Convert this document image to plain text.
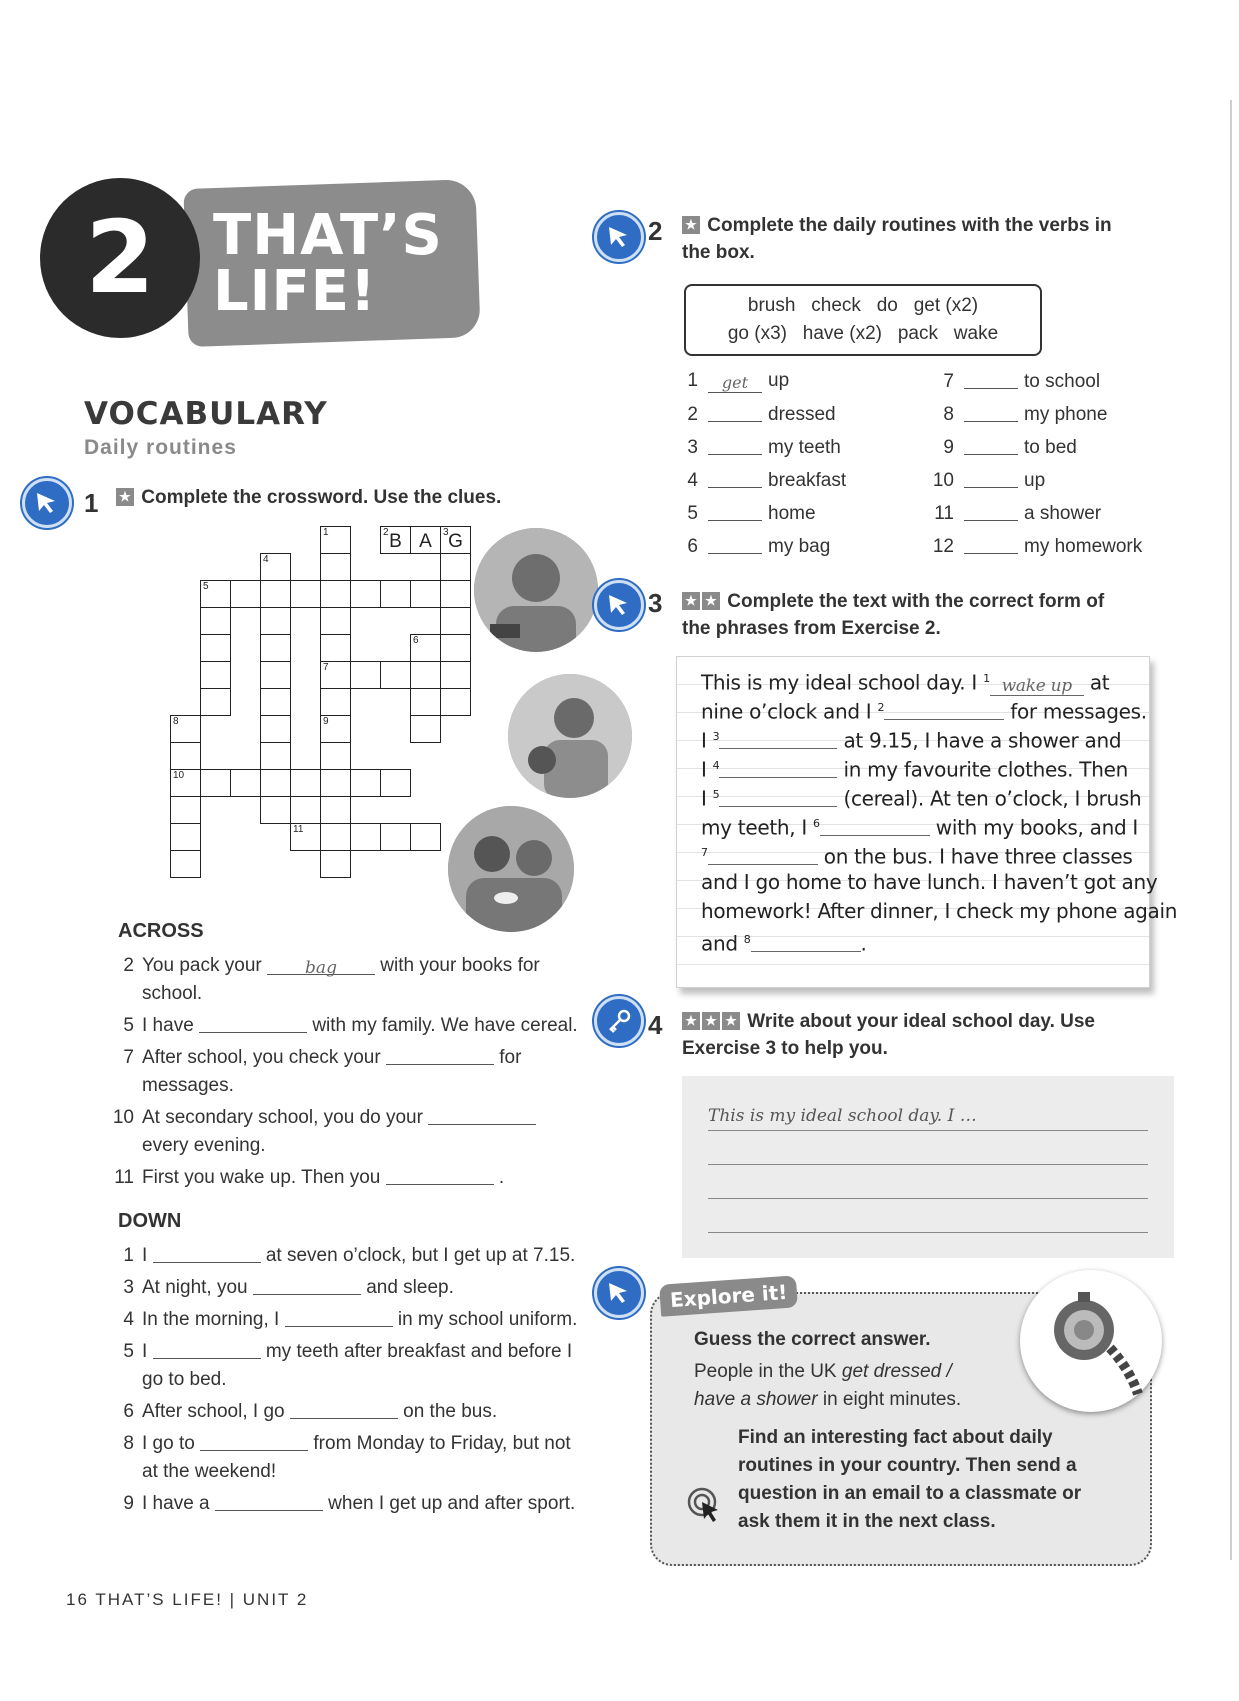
2	THAT’S
LIFE!
VOCABULARY
Daily routines
1 ★ Complete the crossword. Use the clues.
1
7
2 B A	3 G
4
5
6
8
10
9
11
ACROSS
2 You pack your	bag with your books for
school.
5 I have	with my family. We have cereal.
7 After school, you check your	for
messages.
10 At secondary school, you do your
every evening.
11 First you wake up. Then you	.
DOWN
1 I	at seven o’clock, but I get up at 7.15.
3 At night, you	and sleep.
4 In the morning, I	in my school uniform.
5 I	my teeth after breakfast and before I
go to bed.
6 After school, I go	on the bus.
8 I go to	from Monday to Friday, but not
at the weekend!
9 I have a	when I get up and after sport.
2 ★ Complete the daily routines with the verbs in
the box.
brush   check   do   get (x2)
go (x3)   have (x2)   pack   wake
1 get up
2	dressed
3	my teeth
4	breakfast
5	home
6	my bag
7	to school
8	my phone
9	to bed
10	up
11	a shower
12	my homework
3 ★ ★ Complete the text with the correct form of
the phrases from Exercise 2.
This is my ideal school day. I $^1$ wake up at
nine o’clock and I $^2$	for messages.
I $^3$	at 9.15, I have a shower and
I $^4$	in my favourite clothes. Then
I $^5$	(cereal). At ten o’clock, I brush
my teeth, I $^6$	with my books, and I
$^7$	on the bus. I have three classes
and I go home to have lunch. I haven’t got any
homework! After dinner, I check my phone again
and $^8$	.
4 ★ ★ ★ Write about your ideal school day. Use
Exercise 3 to help you.
This is my ideal school day. I …
Explore it!
Guess the correct answer.
People in the UK get dressed /
have a shower in eight minutes.
Find an interesting fact about daily
routines in your country. Then send a
question in an email to a classmate or
ask them it in the next class.
16 THAT’S LIFE! | UNIT 2
